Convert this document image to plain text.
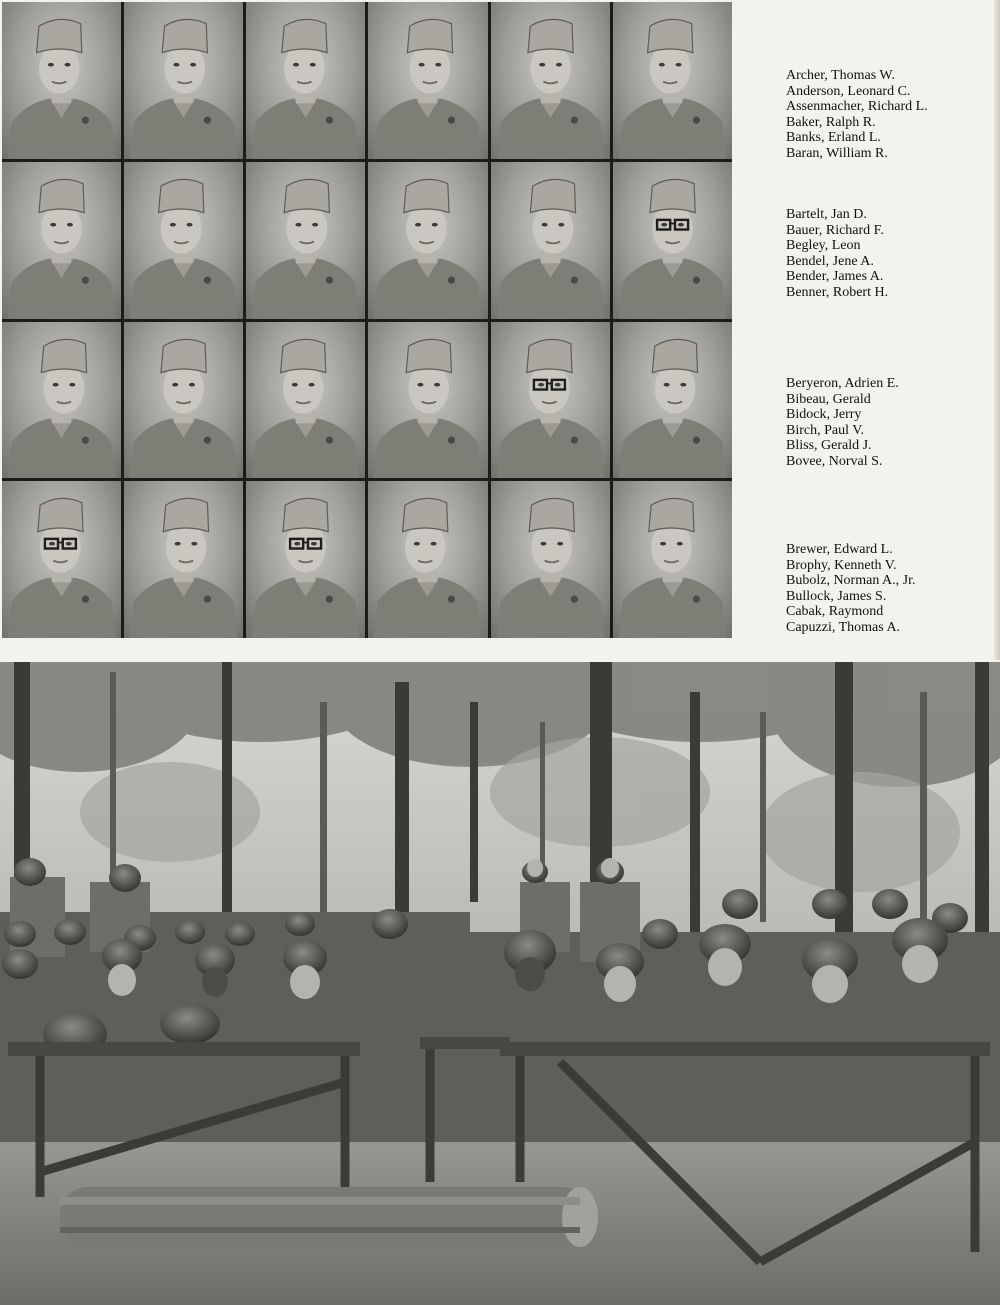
Archer, Thomas W.
Anderson, Leonard C.
Assenmacher, Richard L.
Baker, Ralph R.
Banks, Erland L.
Baran, William R.
Bartelt, Jan D.
Bauer, Richard F.
Begley, Leon
Bendel, Jene A.
Bender, James A.
Benner, Robert H.
Beryeron, Adrien E.
Bibeau, Gerald
Bidock, Jerry
Birch, Paul V.
Bliss, Gerald J.
Bovee, Norval S.
Brewer, Edward L.
Brophy, Kenneth V.
Bubolz, Norman A., Jr.
Bullock, James S.
Cabak, Raymond
Capuzzi, Thomas A.
